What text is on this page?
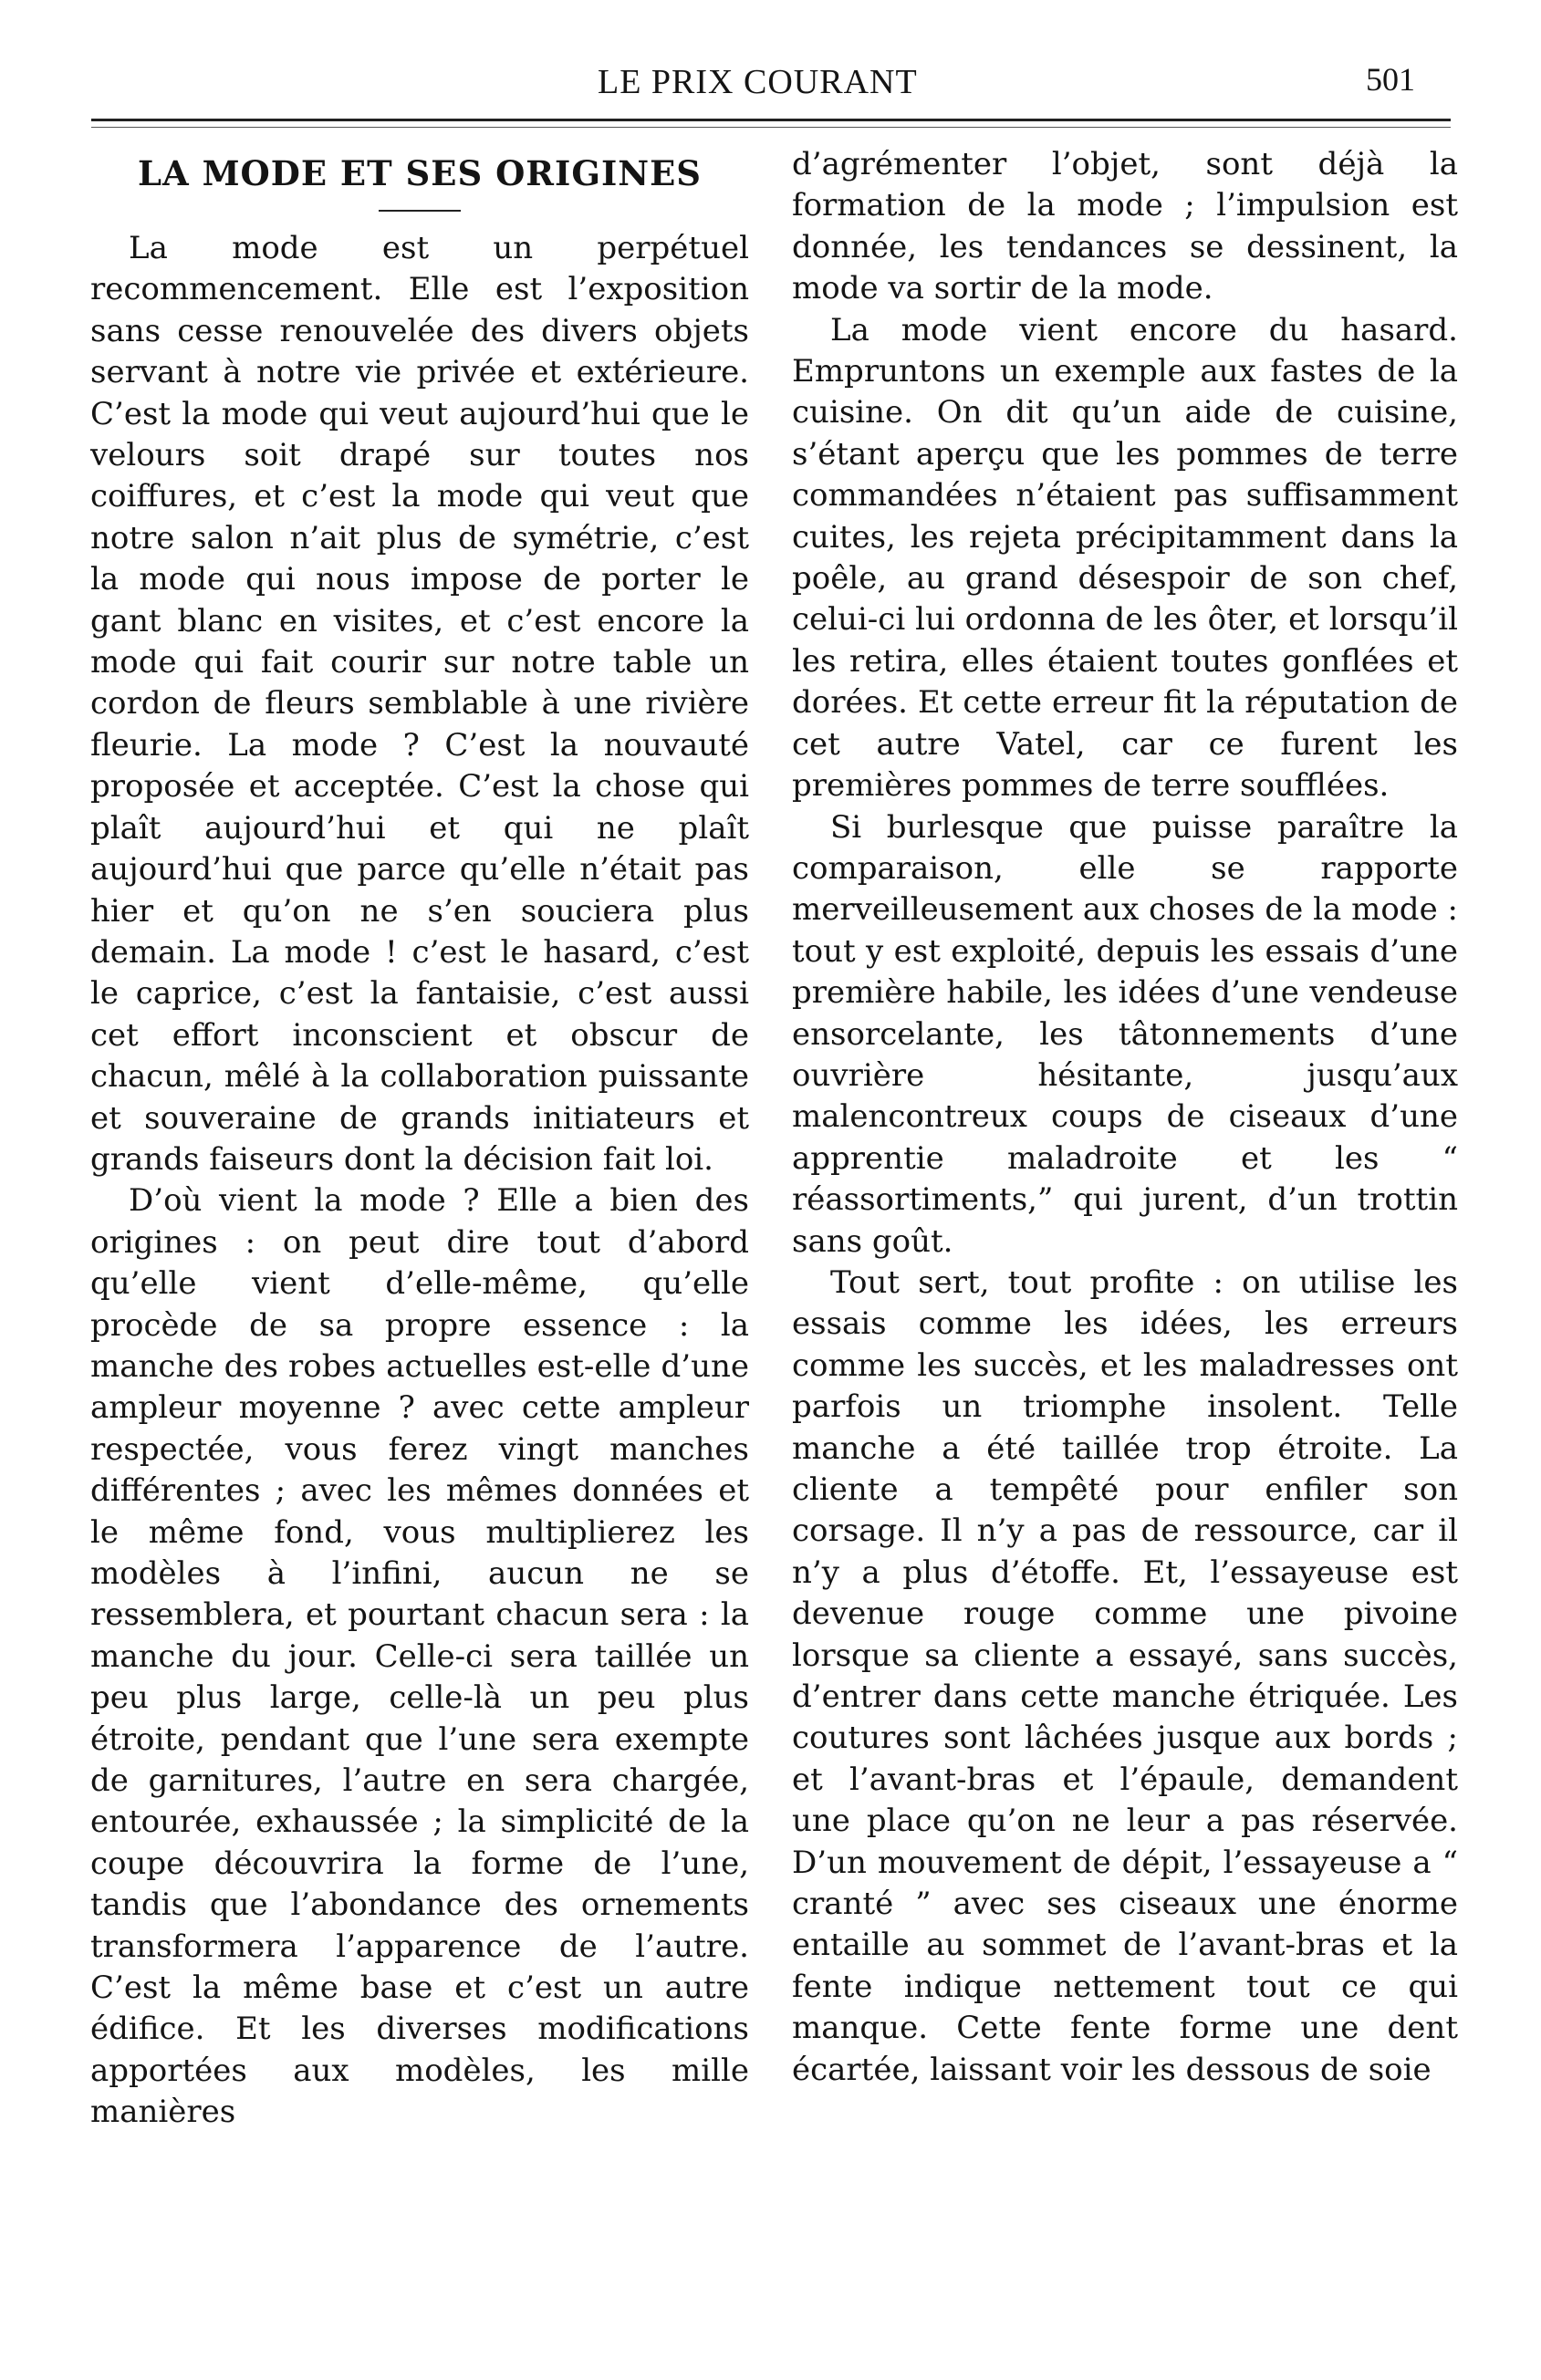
LE PRIX COURANT	501
LA MODE ET SES ORIGINES

La mode est un perpétuel recommencement. Elle est l’exposition sans cesse renouvelée des divers objets servant à notre vie privée et extérieure. C’est la mode qui veut aujourd’hui que le velours soit drapé sur toutes nos coiffures, et c’est la mode qui veut que notre salon n’ait plus de symétrie, c’est la mode qui nous impose de porter le gant blanc en visites, et c’est encore la mode qui fait courir sur notre table un cordon de fleurs semblable à une rivière fleurie. La mode ? C’est la nouvauté proposée et acceptée. C’est la chose qui plaît aujourd’hui et qui ne plaît aujourd’hui que parce qu’elle n’était pas hier et qu’on ne s’en souciera plus demain. La mode ! c’est le hasard, c’est le caprice, c’est la fantaisie, c’est aussi cet effort inconscient et obscur de chacun, mêlé à la collaboration puissante et souveraine de grands initiateurs et grands faiseurs dont la décision fait loi.

D’où vient la mode ? Elle a bien des origines : on peut dire tout d’abord qu’elle vient d’elle-même, qu’elle procède de sa propre essence : la manche des robes actuelles est-elle d’une ampleur moyenne ? avec cette ampleur respectée, vous ferez vingt manches différentes ; avec les mêmes données et le même fond, vous multiplierez les modèles à l’infini, aucun ne se ressemblera, et pourtant chacun sera : la manche du jour. Celle-ci sera taillée un peu plus large, celle-là un peu plus étroite, pendant que l’une sera exempte de garnitures, l’autre en sera chargée, entourée, exhaussée ; la simplicité de la coupe découvrira la forme de l’une, tandis que l’abondance des ornements transformera l’apparence de l’autre. C’est la même base et c’est un autre édifice. Et les diverses modifications apportées aux modèles, les mille manières

d’agrémenter l’objet, sont déjà la formation de la mode ; l’impulsion est donnée, les tendances se dessinent, la mode va sortir de la mode.

La mode vient encore du hasard. Empruntons un exemple aux fastes de la cuisine. On dit qu’un aide de cuisine, s’étant aperçu que les pommes de terre commandées n’étaient pas suffisamment cuites, les rejeta précipitamment dans la poêle, au grand désespoir de son chef, celui-ci lui ordonna de les ôter, et lorsqu’il les retira, elles étaient toutes gonflées et dorées. Et cette erreur fit la réputation de cet autre Vatel, car ce furent les premières pommes de terre soufflées.

Si burlesque que puisse paraître la comparaison, elle se rapporte merveilleusement aux choses de la mode : tout y est exploité, depuis les essais d’une première habile, les idées d’une vendeuse ensorcelante, les tâtonnements d’une ouvrière hésitante, jusqu’aux malencontreux coups de ciseaux d’une apprentie maladroite et les “ réassortiments,” qui jurent, d’un trottin sans goût.

Tout sert, tout profite : on utilise les essais comme les idées, les erreurs comme les succès, et les maladresses ont parfois un triomphe insolent. Telle manche a été taillée trop étroite. La cliente a tempêté pour enfiler son corsage. Il n’y a pas de ressource, car il n’y a plus d’étoffe. Et, l’essayeuse est devenue rouge comme une pivoine lorsque sa cliente a essayé, sans succès, d’entrer dans cette manche étriquée. Les coutures sont lâchées jusque aux bords ; et l’avant-bras et l’épaule, demandent une place qu’on ne leur a pas réservée. D’un mouvement de dépit, l’essayeuse a “ cranté ” avec ses ciseaux une énorme entaille au sommet de l’avant-bras et la fente indique nettement tout ce qui manque. Cette fente forme une dent écartée, laissant voir les dessous de soie
